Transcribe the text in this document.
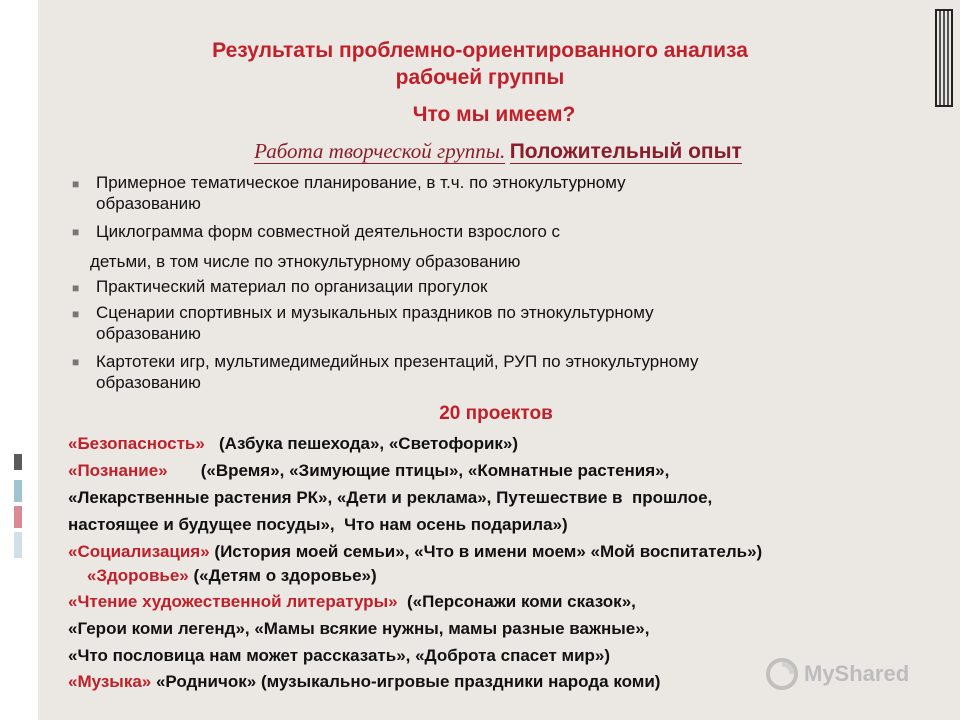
Результаты проблемно-ориентированного анализа
рабочей группы
Что мы имеем?
Работа творческой группы. Положительный опыт
■ Примерное тематическое планирование, в т.ч. по этнокультурному
образованию
■ Циклограмма форм совместной деятельности взрослого с
детьми, в том числе по этнокультурному образованию
■ Практический материал по организации прогулок
■ Сценарии спортивных и музыкальных праздников по этнокультурному
образованию
■ Картотеки игр, мультимедимедийных презентаций, РУП по этнокультурному
образованию
20 проектов
«Безопасность»   (Азбука пешехода», «Светофорик»)
«Познание»       («Время», «Зимующие птицы», «Комнатные растения»,
«Лекарственные растения РК», «Дети и реклама», Путешествие в  прошлое,
настоящее и будущее посуды»,  Что нам осень подарила»)
«Социализация» (История моей семьи», «Что в имени моем» «Мой воспитатель»)
«Здоровье» («Детям о здоровье»)
«Чтение художественной литературы»  («Персонажи коми сказок»,
«Герои коми легенд», «Мамы всякие нужны, мамы разные важные»,
«Что пословица нам может рассказать», «Доброта спасет мир»)
«Музыка» «Родничок» (музыкально-игровые праздники народа коми)	MyShared
